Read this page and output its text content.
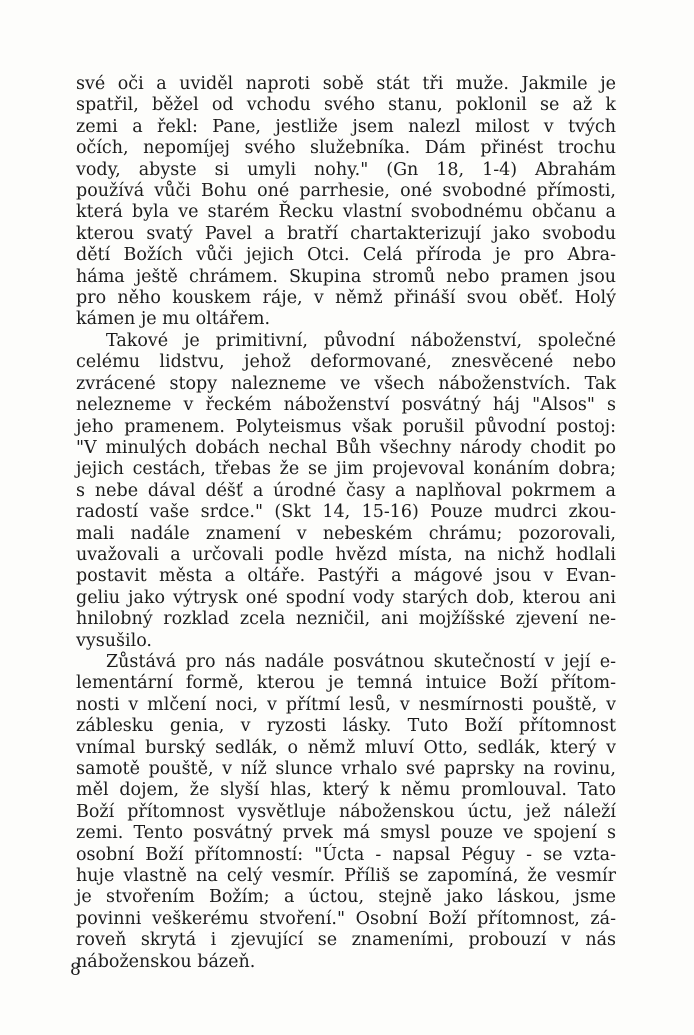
své oči a uviděl naproti sobě stát tři muže. Jakmile je
spatřil, běžel od vchodu svého stanu, poklonil se až k
zemi a řekl: Pane, jestliže jsem nalezl milost v tvých
očích, nepomíjej svého služebníka. Dám přinést trochu
vody, abyste si umyli nohy." (Gn 18, 1-4) Abrahám
používá vůči Bohu oné parrhesie, oné svobodné přímosti,
která byla ve starém Řecku vlastní svobodnému občanu a
kterou svatý Pavel a bratří chartakterizují jako svobodu
dětí Božích vůči jejich Otci. Celá příroda je pro Abra-
háma ještě chrámem. Skupina stromů nebo pramen jsou
pro něho kouskem ráje, v němž přináší svou oběť. Holý
kámen je mu oltářem.

Takové je primitivní, původní náboženství, společné
celému lidstvu, jehož deformované, znesvěcené nebo
zvrácené stopy nalezneme ve všech náboženstvích. Tak
nelezneme v řeckém náboženství posvátný háj "Alsos" s
jeho pramenem. Polyteismus však porušil původní postoj:
"V minulých dobách nechal Bůh všechny národy chodit po
jejich cestách, třebas že se jim projevoval konáním dobra;
s nebe dával déšť a úrodné časy a naplňoval pokrmem a
radostí vaše srdce." (Skt 14, 15-16) Pouze mudrci zkou-
mali nadále znamení v nebeském chrámu; pozorovali,
uvažovali a určovali podle hvězd místa, na nichž hodlali
postavit města a oltáře. Pastýři a mágové jsou v Evan-
geliu jako výtrysk oné spodní vody starých dob, kterou ani
hnilobný rozklad zcela nezničil, ani mojžíšské zjevení ne-
vysušilo.

Zůstává pro nás nadále posvátnou skutečností v její e-
lementární formě, kterou je temná intuice Boží přítom-
nosti v mlčení noci, v přítmí lesů, v nesmírnosti pouště, v
záblesku genia, v ryzosti lásky. Tuto Boží přítomnost
vnímal burský sedlák, o němž mluví Otto, sedlák, který v
samotě pouště, v níž slunce vrhalo své paprsky na rovinu,
měl dojem, že slyší hlas, který k němu promlouval. Tato
Boží přítomnost vysvětluje náboženskou úctu, jež náleží
zemi. Tento posvátný prvek má smysl pouze ve spojení s
osobní Boží přítomností: "Úcta - napsal Péguy - se vzta-
huje vlastně na celý vesmír. Příliš se zapomíná, že vesmír
je stvořením Božím; a úctou, stejně jako láskou, jsme
povinni veškerému stvoření." Osobní Boží přítomnost, zá-
roveň skrytá i zjevující se znameními, probouzí v nás
náboženskou bázeň.

8
